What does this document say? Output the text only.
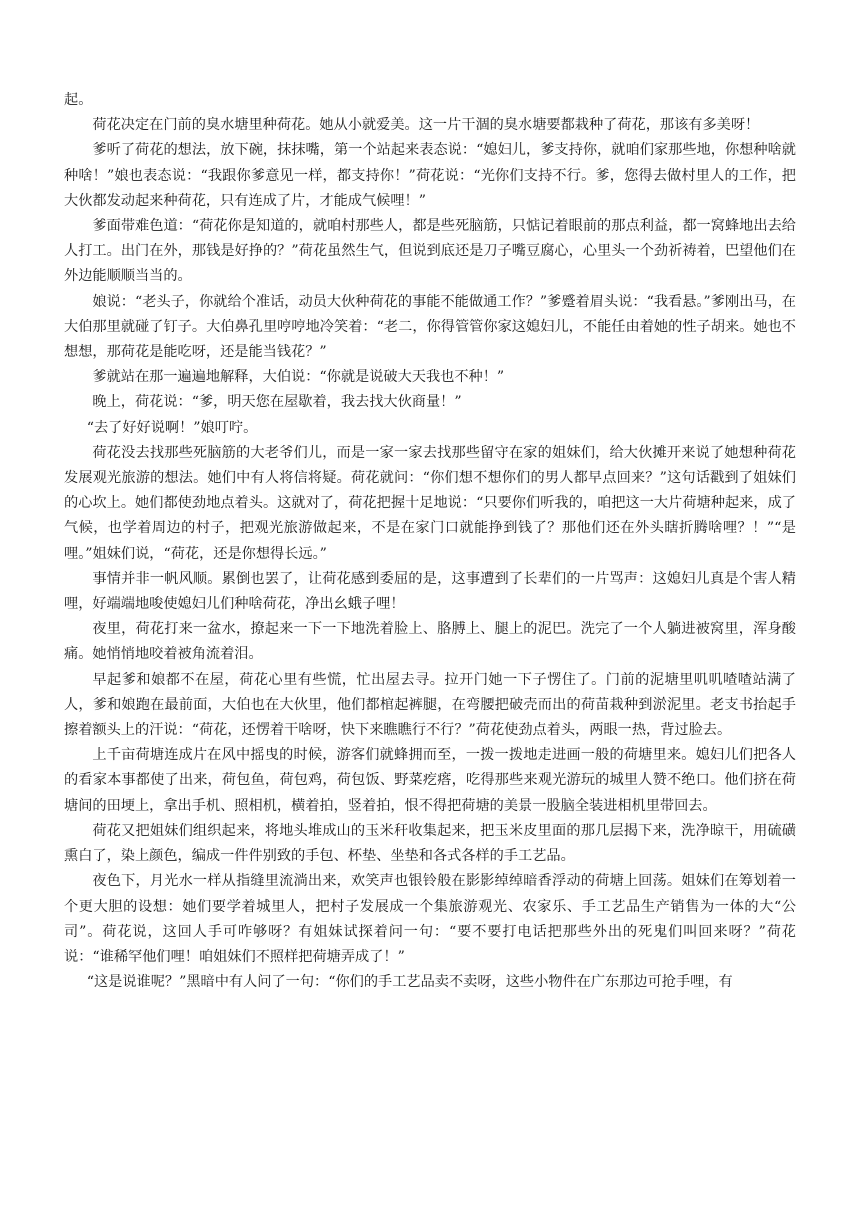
起。

荷花决定在门前的臭水塘里种荷花。她从小就爱美。这一片干涸的臭水塘要都栽种了荷花，那该有多美呀！

爹听了荷花的想法，放下碗，抹抹嘴，第一个站起来表态说：“媳妇儿，爹支持你，就咱们家那些地，你想种啥就种啥！”娘也表态说：“我跟你爹意见一样，都支持你！”荷花说：“光你们支持不行。爹，您得去做村里人的工作，把大伙都发动起来种荷花，只有连成了片，才能成气候哩！”

爹面带难色道：“荷花你是知道的，就咱村那些人，都是些死脑筋，只惦记着眼前的那点利益，都一窝蜂地出去给人打工。出门在外，那钱是好挣的？”荷花虽然生气，但说到底还是刀子嘴豆腐心，心里头一个劲祈祷着，巴望他们在外边能顺顺当当的。

娘说：“老头子，你就给个准话，动员大伙种荷花的事能不能做通工作？”爹蹙着眉头说：“我看悬。”爹刚出马，在大伯那里就碰了钉子。大伯鼻孔里哼哼地冷笑着：“老二，你得管管你家这媳妇儿，不能任由着她的性子胡来。她也不想想，那荷花是能吃呀，还是能当钱花？”

爹就站在那一遍遍地解释，大伯说：“你就是说破大天我也不种！”

晚上，荷花说：“爹，明天您在屋歇着，我去找大伙商量！”

“去了好好说啊！”娘叮咛。

荷花没去找那些死脑筋的大老爷们儿，而是一家一家去找那些留守在家的姐妹们，给大伙摊开来说了她想种荷花发展观光旅游的想法。她们中有人将信将疑。荷花就问：“你们想不想你们的男人都早点回来？”这句话戳到了姐妹们的心坎上。她们都使劲地点着头。这就对了，荷花把握十足地说：“只要你们听我的，咱把这一大片荷塘种起来，成了气候，也学着周边的村子，把观光旅游做起来，不是在家门口就能挣到钱了？那他们还在外头瞎折腾啥哩？！”“是哩。”姐妹们说，“荷花，还是你想得长远。”

事情并非一帆风顺。累倒也罢了，让荷花感到委屈的是，这事遭到了长辈们的一片骂声：这媳妇儿真是个害人精哩，好端端地唆使媳妇儿们种啥荷花，净出幺蛾子哩！

夜里，荷花打来一盆水，撩起来一下一下地洗着脸上、胳膊上、腿上的泥巴。洗完了一个人躺进被窝里，浑身酸痛。她悄悄地咬着被角流着泪。

早起爹和娘都不在屋，荷花心里有些慌，忙出屋去寻。拉开门她一下子愣住了。门前的泥塘里叽叽喳喳站满了人，爹和娘跑在最前面，大伯也在大伙里，他们都棺起裤腿，在弯腰把破壳而出的荷苗栽种到淤泥里。老支书抬起手擦着额头上的汗说：“荷花，还愣着干啥呀，快下来瞧瞧行不行？”荷花使劲点着头，两眼一热，背过脸去。

上千亩荷塘连成片在风中摇曳的时候，游客们就蜂拥而至，一拨一拨地走进画一般的荷塘里来。媳妇儿们把各人的看家本事都使了出来，荷包鱼，荷包鸡，荷包饭、野菜疙瘩，吃得那些来观光游玩的城里人赞不绝口。他们挤在荷塘间的田埂上，拿出手机、照相机，横着拍，竖着拍，恨不得把荷塘的美景一股脑全装进相机里带回去。

荷花又把姐妹们组织起来，将地头堆成山的玉米秆收集起来，把玉米皮里面的那几层揭下来，洗净晾干，用硫磺熏白了，染上颜色，编成一件件别致的手包、杯垫、坐垫和各式各样的手工艺品。

夜色下，月光水一样从指缝里流淌出来，欢笑声也银铃般在影影绰绰暗香浮动的荷塘上回荡。姐妹们在筹划着一个更大胆的设想：她们要学着城里人，把村子发展成一个集旅游观光、农家乐、手工艺品生产销售为一体的大“公司”。荷花说，这回人手可咋够呀？有姐妹试探着问一句：“要不要打电话把那些外出的死鬼们叫回来呀？”荷花说：“谁稀罕他们哩！咱姐妹们不照样把荷塘弄成了！”

“这是说谁呢？”黑暗中有人问了一句：“你们的手工艺品卖不卖呀，这些小物件在广东那边可抢手哩，有
